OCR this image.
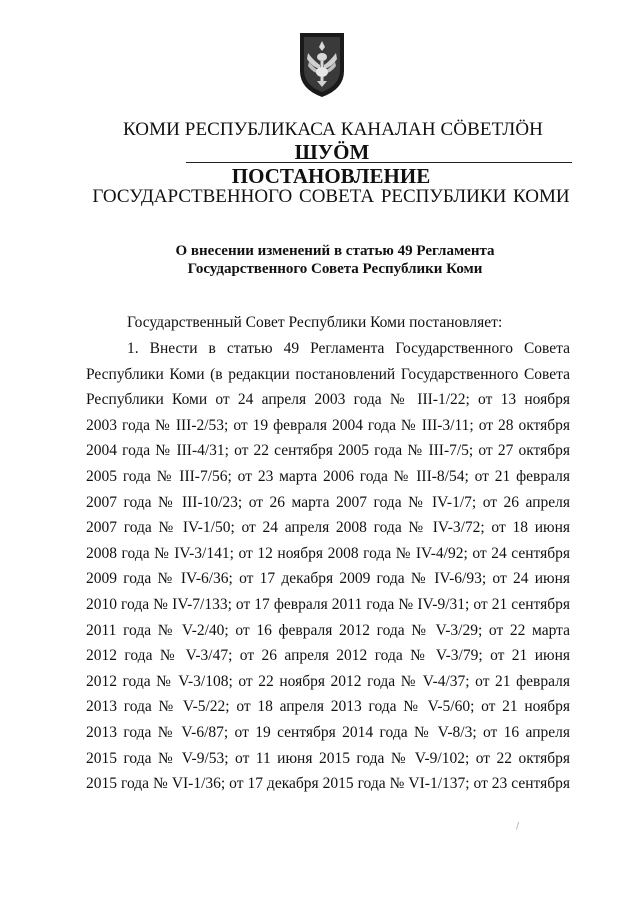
КОМИ РЕСПУБЛИКАСА КАНАЛАН СÖВЕТЛÖН
ШУÖМ
ПОСТАНОВЛЕНИЕ
ГОСУДАРСТВЕННОГО СОВЕТА РЕСПУБЛИКИ КОМИ
О внесении изменений в статью 49 Регламента
Государственного Совета Республики Коми
Государственный Совет Республики Коми постановляет:
1. Внести в статью 49 Регламента Государственного Совета
Республики Коми (в редакции постановлений Государственного Совета
Республики Коми от 24 апреля 2003 года № III-1/22; от 13 ноября
2003 года № III-2/53; от 19 февраля 2004 года № III-3/11; от 28 октября
2004 года № III-4/31; от 22 сентября 2005 года № III-7/5; от 27 октября
2005 года № III-7/56; от 23 марта 2006 года № III-8/54; от 21 февраля
2007 года № III-10/23; от 26 марта 2007 года № IV-1/7; от 26 апреля
2007 года № IV-1/50; от 24 апреля 2008 года № IV-3/72; от 18 июня
2008 года № IV-3/141; от 12 ноября 2008 года № IV-4/92; от 24 сентября
2009 года № IV-6/36; от 17 декабря 2009 года № IV-6/93; от 24 июня
2010 года № IV-7/133; от 17 февраля 2011 года № IV-9/31; от 21 сентября
2011 года № V-2/40; от 16 февраля 2012 года № V-3/29; от 22 марта
2012 года № V-3/47; от 26 апреля 2012 года № V-3/79; от 21 июня
2012 года № V-3/108; от 22 ноября 2012 года № V-4/37; от 21 февраля
2013 года № V-5/22; от 18 апреля 2013 года № V-5/60; от 21 ноября
2013 года № V-6/87; от 19 сентября 2014 года № V-8/3; от 16 апреля
2015 года № V-9/53; от 11 июня 2015 года № V-9/102; от 22 октября
2015 года № VI-1/36; от 17 декабря 2015 года № VI-1/137; от 23 сентября
